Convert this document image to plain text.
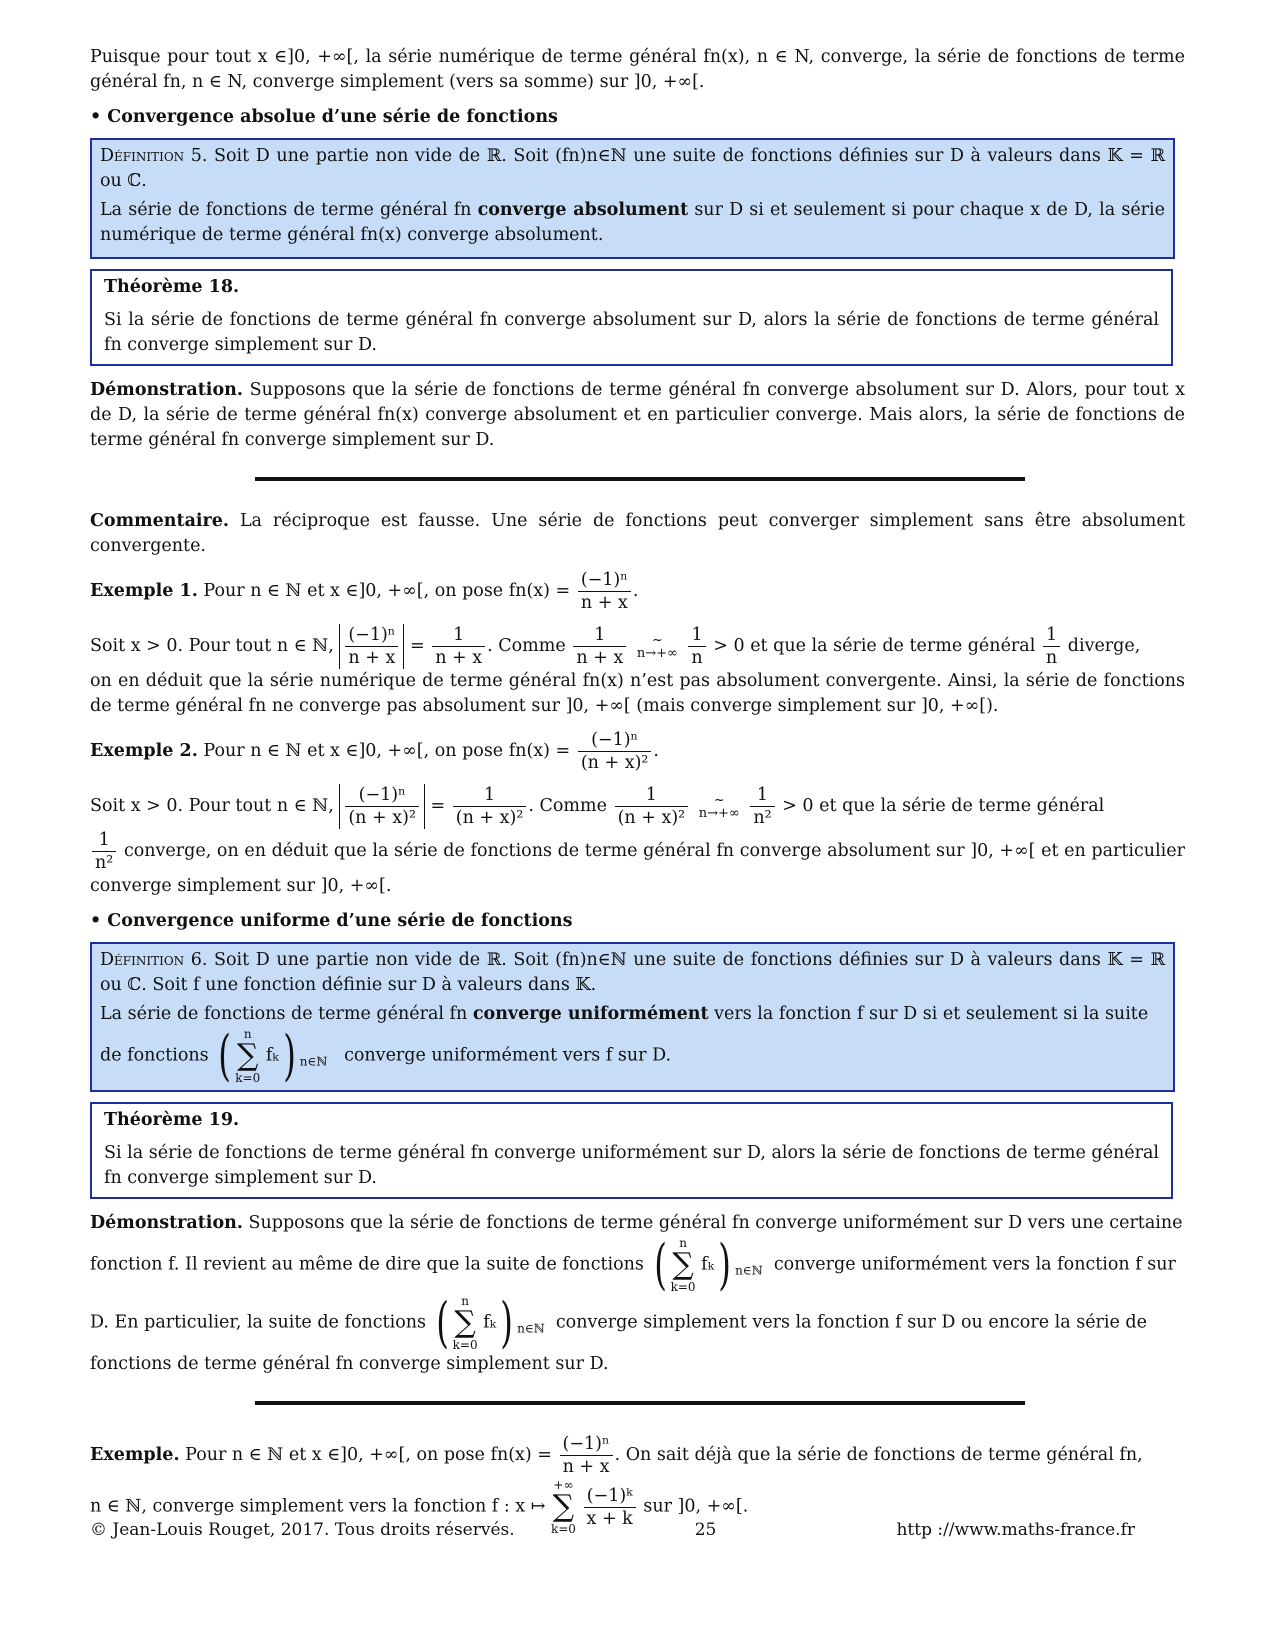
Puisque pour tout x ∈]0, +∞[, la série numérique de terme général fn(x), n ∈ N, converge, la série de fonctions de terme général fn, n ∈ N, converge simplement (vers sa somme) sur ]0, +∞[.

• Convergence absolue d’une série de fonctions

Définition 5. Soit D une partie non vide de ℝ. Soit (fn)n∈ℕ une suite de fonctions définies sur D à valeurs dans 𝕂 = ℝ ou ℂ.

La série de fonctions de terme général fn converge absolument sur D si et seulement si pour chaque x de D, la série numérique de terme général fn(x) converge absolument.

Théorème 18.

Si la série de fonctions de terme général fn converge absolument sur D, alors la série de fonctions de terme général fn converge simplement sur D.

Démonstration. Supposons que la série de fonctions de terme général fn converge absolument sur D. Alors, pour tout x de D, la série de terme général fn(x) converge absolument et en particulier converge. Mais alors, la série de fonctions de terme général fn converge simplement sur D.

Commentaire. La réciproque est fausse. Une série de fonctions peut converger simplement sans être absolument convergente.

Exemple 1. Pour n ∈ ℕ et x ∈]0, +∞[, on pose $fn(x) = \frac{\text{(−1)ⁿ}}{n + x}$ .

Soit x > 0. Pour tout n ∈ ℕ, $\frac{\text{(−1)ⁿ}}{n + x} = \frac{1}{n + x}$ . Comme $\frac{1}{n + x}$ ~
$n\to+\infty \frac{1}{n} > 0$ et que la série de terme général $\frac{1}{n}$ diverge,

on en déduit que la série numérique de terme général fn(x) n’est pas absolument convergente. Ainsi, la série de fonctions de terme général fn ne converge pas absolument sur ]0, +∞[ (mais converge simplement sur ]0, +∞[).

Exemple 2. Pour n ∈ ℕ et x ∈]0, +∞[, on pose $fn(x) = \frac{\text{(−1)ⁿ}}{\text{(n + x)²}}$ .

Soit x > 0. Pour tout n ∈ ℕ, $\frac{\text{(−1)ⁿ}}{\text{(n + x)²}} = \frac{1}{\text{(n + x)²}}$ . Comme $\frac{1}{\text{(n + x)²}}$ ~
$n\to+\infty \frac{1}{\text{n²}} > 0$ et que la série de terme général

$\frac{1}{\text{n²}}$ converge, on en déduit que la série de fonctions de terme général fn converge absolument sur ]0, +∞[ et en particulier converge simplement sur ]0, +∞[.

• Convergence uniforme d’une série de fonctions

Définition 6. Soit D une partie non vide de ℝ. Soit (fn)n∈ℕ une suite de fonctions définies sur D à valeurs dans 𝕂 = ℝ ou ℂ. Soit f une fonction définie sur D à valeurs dans 𝕂.

La série de fonctions de terme général fn converge uniformément vers la fonction f sur D si et seulement si la suite

de fonctions (	n
∑
k=0
fₖ) $_{n\in ℕ}$ converge uniformément vers f sur D.

Théorème 19.

Si la série de fonctions de terme général fn converge uniformément sur D, alors la série de fonctions de terme général fn converge simplement sur D.

Démonstration. Supposons que la série de fonctions de terme général fn converge uniformément sur D vers une certaine

fonction f. Il revient au même de dire que la suite de fonctions (	n
∑
k=0
fₖ) $_{n\in ℕ}$ converge uniformément vers la fonction f sur

D. En particulier, la suite de fonctions (	n
∑
k=0
fₖ) $_{n\in ℕ}$ converge simplement vers la fonction f sur D ou encore la série de

fonctions de terme général fn converge simplement sur D.

Exemple. Pour n ∈ ℕ et x ∈]0, +∞[, on pose $fn(x) = \frac{\text{(−1)ⁿ}}{n + x}$ . On sait déjà que la série de fonctions de terme général fn,

n ∈ ℕ, converge simplement vers la fonction f : x ↦
+∞
∑
k=0
$\frac{\text{(−1)ᵏ}}{x + k}$ sur ]0, +∞[.

© Jean-Louis Rouget, 2017. Tous droits réservés.	25	http ://www.maths-france.fr
